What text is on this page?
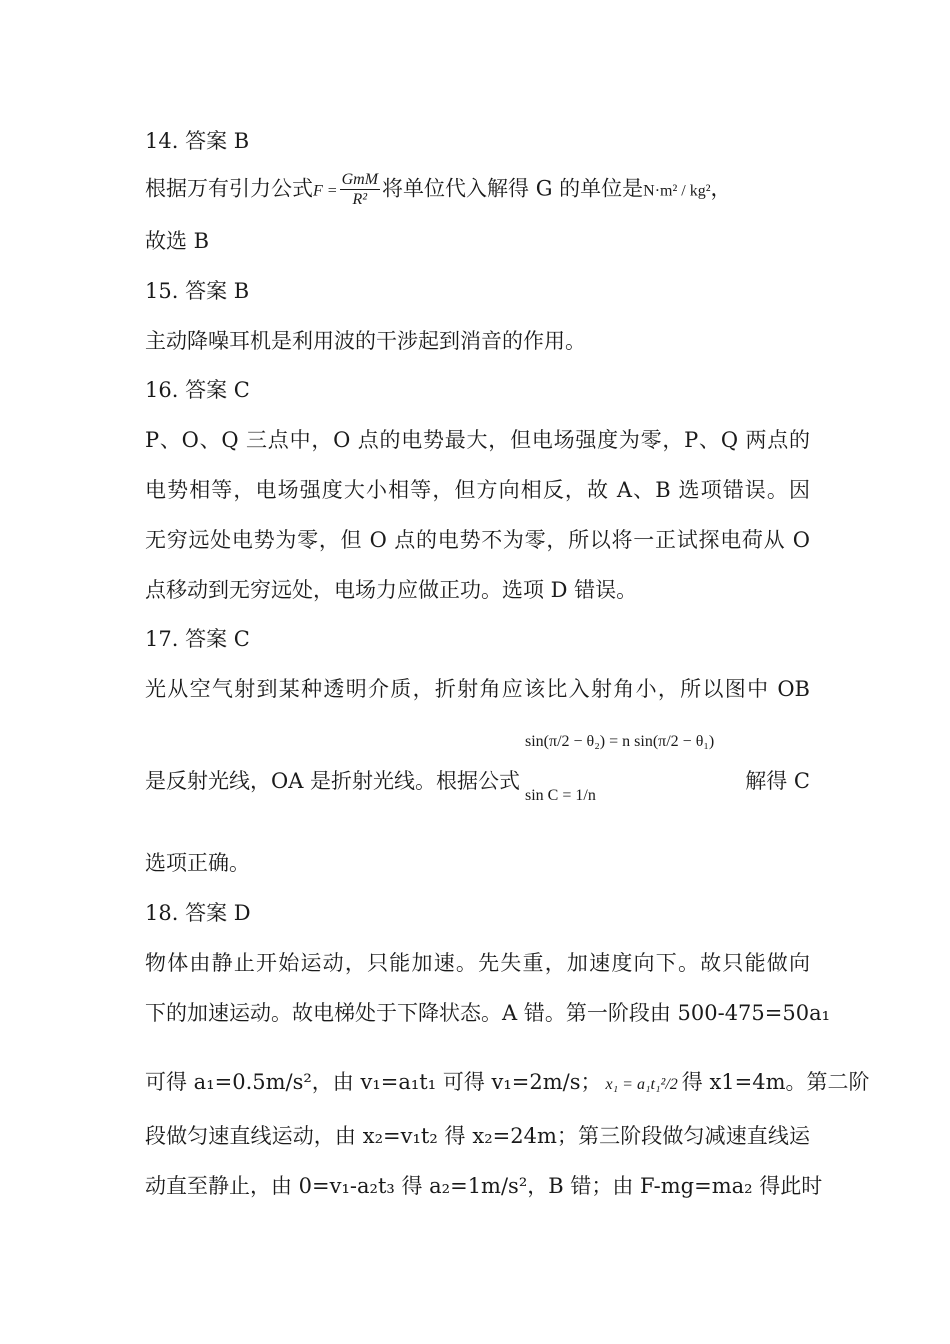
14. 答案 B

根据万有引力公式$F = \frac{\text{GmM}}{\text{R²}}$ 将单位代入解得 G 的单位是N·m² / kg²，

故选 B

15. 答案 B

主动降噪耳机是利用波的干涉起到消音的作用。

16. 答案 C

P、O、Q 三点中，O 点的电势最大，但电场强度为零，P、Q 两点的

电势相等，电场强度大小相等，但方向相反，故 A、B 选项错误。因

无穷远处电势为零，但 O 点的电势不为零，所以将一正试探电荷从 O

点移动到无穷远处，电场力应做正功。选项 D 错误。

17. 答案 C

光从空气射到某种透明介质，折射角应该比入射角小，所以图中 OB

是反射光线，OA 是折射光线。根据公式

sin(π/2 − θ₂) = n sin(π/2 − θ₁)
sin C = 1/n

解得 C

选项正确。

18. 答案 D

物体由静止开始运动，只能加速。先失重，加速度向下。故只能做向

下的加速运动。故电梯处于下降状态。A 错。第一阶段由 500-475=50a₁

可得 a₁=0.5m/s²，由 v₁=a₁t₁ 可得 v₁=2m/s； x₁ = a₁t₁²/2 得 x1=4m。第二阶

段做匀速直线运动，由 x₂=v₁t₂ 得 x₂=24m；第三阶段做匀减速直线运

动直至静止，由 0=v₁-a₂t₃ 得 a₂=1m/s²，B 错；由 F-mg=ma₂ 得此时
